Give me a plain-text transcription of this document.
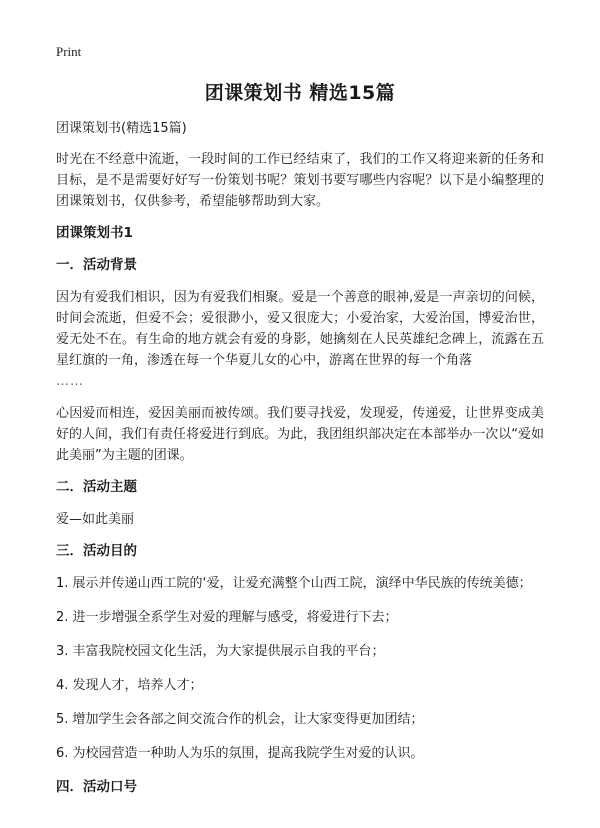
Print
团课策划书 精选15篇

团课策划书(精选15篇)

时光在不经意中流逝，一段时间的工作已经结束了，我们的工作又将迎来新的任务和目标，是不是需要好好写一份策划书呢？策划书要写哪些内容呢？以下是小编整理的团课策划书，仅供参考，希望能够帮助到大家。

团课策划书1

一．活动背景

因为有爱我们相识，因为有爱我们相聚。爱是一个善意的眼神,爱是一声亲切的问候，时间会流逝，但爱不会；爱很渺小，爱又很庞大；小爱治家，大爱治国，博爱治世，爱无处不在。有生命的地方就会有爱的身影，她擒刻在人民英雄纪念碑上，流露在五星红旗的一角，渗透在每一个华夏儿女的心中，游离在世界的每一个角落

……

心因爱而相连，爱因美丽而被传颂。我们要寻找爱，发现爱，传递爱，让世界变成美好的人间，我们有责任将爱进行到底。为此，我团组织部决定在本部举办一次以“爱如此美丽”为主题的团课。

二．活动主题

爱—如此美丽

三．活动目的

1. 展示并传递山西工院的‘爱，让爱充满整个山西工院，演绎中华民族的传统美德；

2. 进一步增强全系学生对爱的理解与感受，将爱进行下去；

3. 丰富我院校园文化生活，为大家提供展示自我的平台；

4. 发现人才，培养人才；

5. 增加学生会各部之间交流合作的机会，让大家变得更加团结；

6. 为校园营造一种助人为乐的氛围，提高我院学生对爱的认识。

四．活动口号
